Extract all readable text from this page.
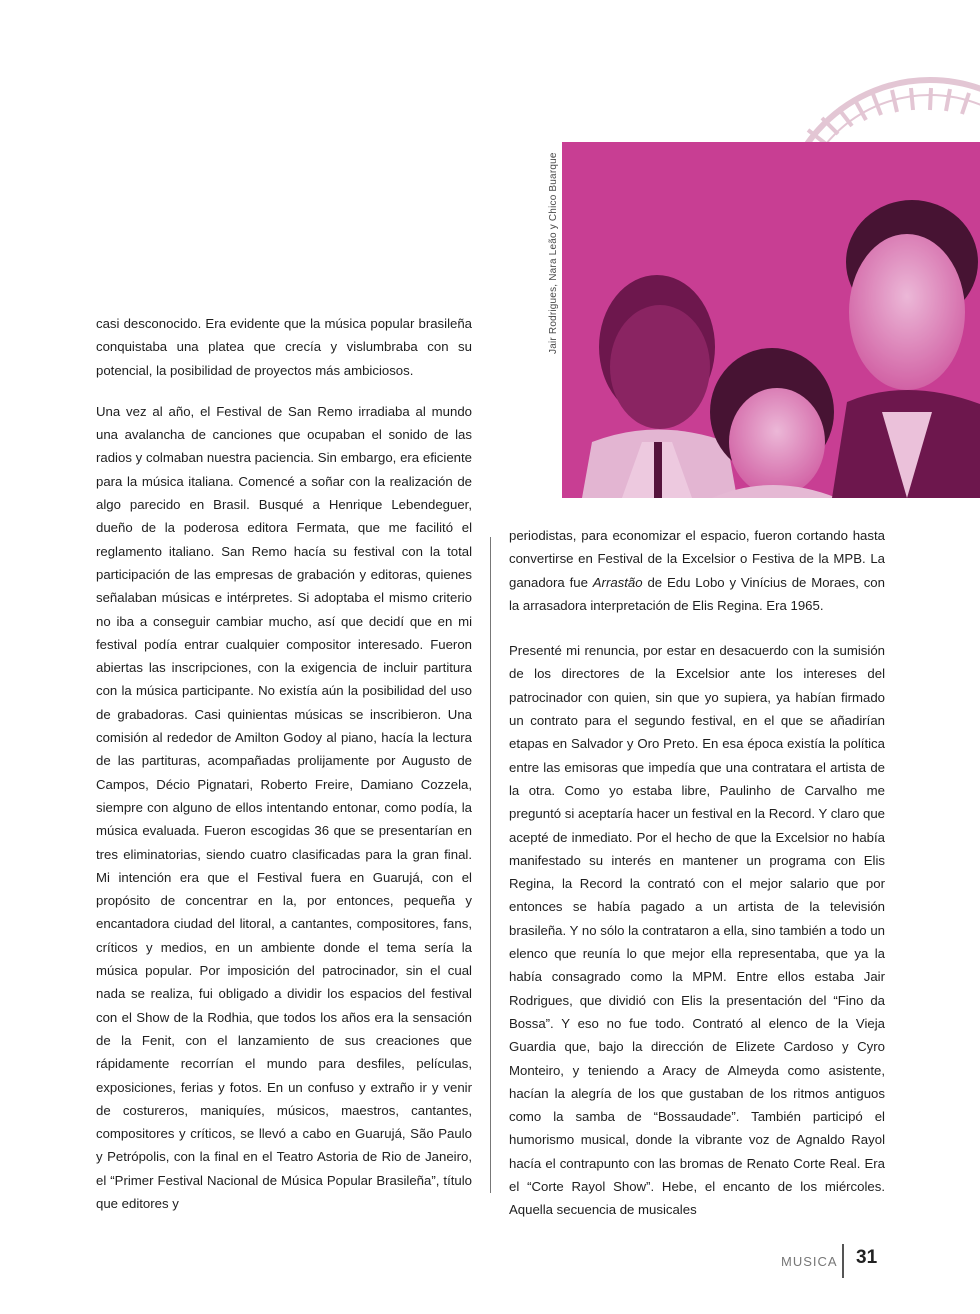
Jair Rodrigues, Nara Leão y Chico Buarque

casi desconocido. Era evidente que la música popular brasileña conquistaba una platea que crecía y vislumbraba con su potencial, la posibilidad de proyectos más ambiciosos.

Una vez al año, el Festival de San Remo irradiaba al mundo una avalancha de canciones que ocupaban el sonido de las radios y colmaban nuestra paciencia. Sin embargo, era eficiente para la música italiana. Comencé a soñar con la realización de algo parecido en Brasil. Busqué a Henrique Lebendeguer, dueño de la poderosa editora Fermata, que me facilitó el reglamento italiano. San Remo hacía su festival con la total participación de las empresas de grabación y editoras, quienes señalaban músicas e intérpretes. Si adoptaba el mismo criterio no iba a conseguir cambiar mucho, así que decidí que en mi festival podía entrar cualquier compositor interesado. Fueron abiertas las inscripciones, con la exigencia de incluir partitura con la música participante. No existía aún la posibilidad del uso de grabadoras. Casi quinientas músicas se inscribieron. Una comisión al rededor de Amilton Godoy al piano, hacía la lectura de las partituras, acompañadas prolijamente por Augusto de Campos, Décio Pignatari, Roberto Freire, Damiano Cozzela, siempre con alguno de ellos intentando entonar, como podía, la música evaluada. Fueron escogidas 36 que se presentarían en tres eliminatorias, siendo cuatro clasificadas para la gran final. Mi intención era que el Festival fuera en Guarujá, con el propósito de concentrar en la, por entonces, pequeña y encantadora ciudad del litoral, a cantantes, compositores, fans, críticos y medios, en un ambiente donde el tema sería la música popular. Por imposición del patrocinador, sin el cual nada se realiza, fui obligado a dividir los espacios del festival con el Show de la Rodhia, que todos los años era la sensación de la Fenit, con el lanzamiento de sus creaciones que rápidamente recorrían el mundo para desfiles, películas, exposiciones, ferias y fotos. En un confuso y extraño ir y venir de costureros, maniquíes, músicos, maestros, cantantes, compositores y críticos, se llevó a cabo en Guarujá, São Paulo y Petrópolis, con la final en el Teatro Astoria de Rio de Janeiro, el “Primer Festival Nacional de Música Popular Brasileña”, título que editores y

periodistas, para economizar el espacio, fueron cortando hasta convertirse en Festival de la Excelsior o Festiva de la MPB. La ganadora fue Arrastão de Edu Lobo y Vinícius de Moraes, con la arrasadora interpretación de Elis Regina. Era 1965.

Presenté mi renuncia, por estar en desacuerdo con la sumisión de los directores de la Excelsior ante los intereses del patrocinador con quien, sin que yo supiera, ya habían firmado un contrato para el segundo festival, en el que se añadirían etapas en Salvador y Oro Preto. En esa época existía la política entre las emisoras que impedía que una contratara el artista de la otra. Como yo estaba libre, Paulinho de Carvalho me preguntó si aceptaría hacer un festival en la Record. Y claro que acepté de inmediato. Por el hecho de que la Excelsior no había manifestado su interés en mantener un programa con Elis Regina, la Record la contrató con el mejor salario que por entonces se había pagado a un artista de la televisión brasileña. Y no sólo la contrataron a ella, sino también a todo un elenco que reunía lo que mejor ella representaba, que ya la había consagrado como la MPM. Entre ellos estaba Jair Rodrigues, que dividió con Elis la presentación del “Fino da Bossa”. Y eso no fue todo. Contrató al elenco de la Vieja Guardia que, bajo la dirección de Elizete Cardoso y Cyro Monteiro, y teniendo a Aracy de Almeyda como asistente, hacían la alegría de los que gustaban de los ritmos antiguos como la samba de “Bossaudade”. También participó el humorismo musical, donde la vibrante voz de Agnaldo Rayol hacía el contrapunto con las bromas de Renato Corte Real. Era el “Corte Rayol Show”. Hebe, el encanto de los miércoles. Aquella secuencia de musicales

MUSICA 31
